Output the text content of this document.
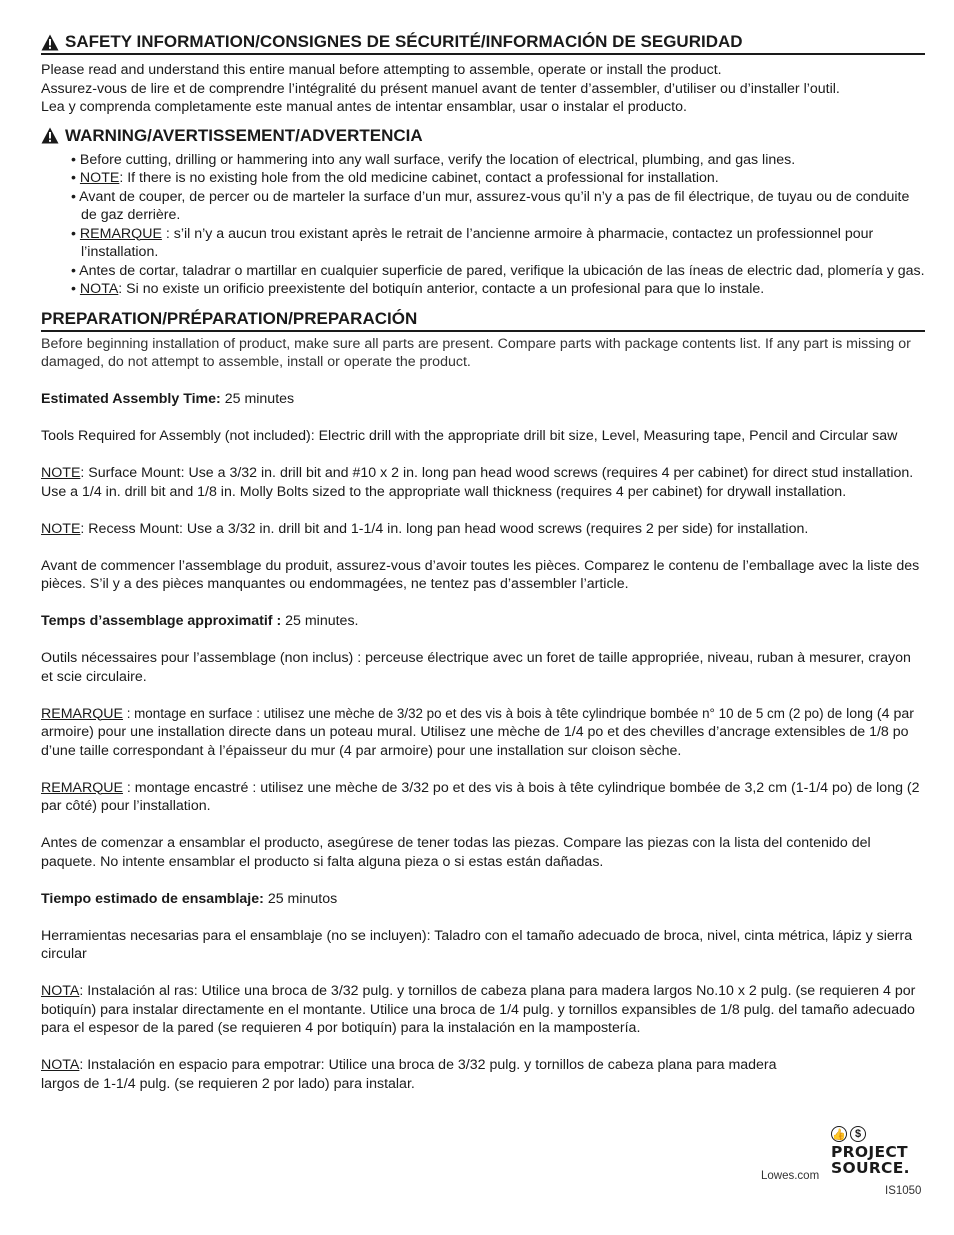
SAFETY INFORMATION/CONSIGNES DE SÉCURITÉ/INFORMACIÓN DE SEGURIDAD

Please read and understand this entire manual before attempting to assemble, operate or install the product.

Assurez-vous de lire et de comprendre l’intégralité du présent manuel avant de tenter d’assembler, d’utiliser ou d’installer l’outil.

Lea y comprenda completamente este manual antes de intentar ensamblar, usar o instalar el producto.

WARNING/AVERTISSEMENT/ADVERTENCIA
• Before cutting, drilling or hammering into any wall surface, verify the location of electrical, plumbing, and gas lines.
• NOTE: If there is no existing hole from the old medicine cabinet, contact a professional for installation.
• Avant de couper, de percer ou de marteler la surface d’un mur, assurez-vous qu’il n’y a pas de fil électrique, de tuyau ou de conduite de gaz derrière.
• REMARQUE : s’il n’y a aucun trou existant après le retrait de l’ancienne armoire à pharmacie, contactez un professionnel pour l’installation.
• Antes de cortar, taladrar o martillar en cualquier superficie de pared, verifique la ubicación de las íneas de electric dad, plomería y gas.
• NOTA: Si no existe un orificio preexistente del botiquín anterior, contacte a un profesional para que lo instale.
PREPARATION/PRÉPARATION/PREPARACIÓN

Before beginning installation of product, make sure all parts are present. Compare parts with package contents list. If any part is missing or damaged, do not attempt to assemble, install or operate the product.

Estimated Assembly Time: 25 minutes
Tools Required for Assembly (not included): Electric drill with the appropriate drill bit size, Level, Measuring tape, Pencil and Circular saw
NOTE: Surface Mount: Use a 3/32 in. drill bit and #10 x 2 in. long pan head wood screws (requires 4 per cabinet) for direct stud installation. Use a 1/4 in. drill bit and 1/8 in. Molly Bolts sized to the appropriate wall thickness (requires 4 per cabinet) for drywall installation.
NOTE: Recess Mount: Use a 3/32 in. drill bit and 1-1/4 in. long pan head wood screws (requires 2 per side) for installation.
Avant de commencer l’assemblage du produit, assurez-vous d’avoir toutes les pièces. Comparez le contenu de l’emballage avec la liste des pièces. S’il y a des pièces manquantes ou endommagées, ne tentez pas d’assembler l’article.
Temps d’assemblage approximatif : 25 minutes.
Outils nécessaires pour l’assemblage (non inclus) : perceuse électrique avec un foret de taille appropriée, niveau, ruban à mesurer, crayon et scie circulaire.
REMARQUE : montage en surface : utilisez une mèche de 3/32 po et des vis à bois à tête cylindrique bombée n° 10 de 5 cm (2 po) de long (4 par armoire) pour une installation directe dans un poteau mural. Utilisez une mèche de 1/4 po et des chevilles d’ancrage extensibles de 1/8 po d’une taille correspondant à l’épaisseur du mur (4 par armoire) pour une installation sur cloison sèche.
REMARQUE : montage encastré : utilisez une mèche de 3/32 po et des vis à bois à tête cylindrique bombée de 3,2 cm (1-1/4 po) de long (2 par côté) pour l’installation.
Antes de comenzar a ensamblar el producto, asegúrese de tener todas las piezas. Compare las piezas con la lista del contenido del paquete. No intente ensamblar el producto si falta alguna pieza o si estas están dañadas.
Tiempo estimado de ensamblaje: 25 minutos
Herramientas necesarias para el ensamblaje (no se incluyen): Taladro con el tamaño adecuado de broca, nivel, cinta métrica, lápiz y sierra circular
NOTA: Instalación al ras: Utilice una broca de 3/32 pulg. y tornillos de cabeza plana para madera largos No.10 x 2 pulg. (se requieren 4 por botiquín) para instalar directamente en el montante. Utilice una broca de 1/4 pulg. y tornillos expansibles de 1/8 pulg. del tamaño adecuado para el espesor de la pared (se requieren 4 por botiquín) para la instalación en la mampostería.
NOTA: Instalación en espacio para empotrar: Utilice una broca de 3/32 pulg. y tornillos de cabeza plana para madera largos de 1-1/4 pulg. (se requieren 2 por lado) para instalar.
Lowes.com
👍 $
PROJECT
SOURCE.
IS1050
